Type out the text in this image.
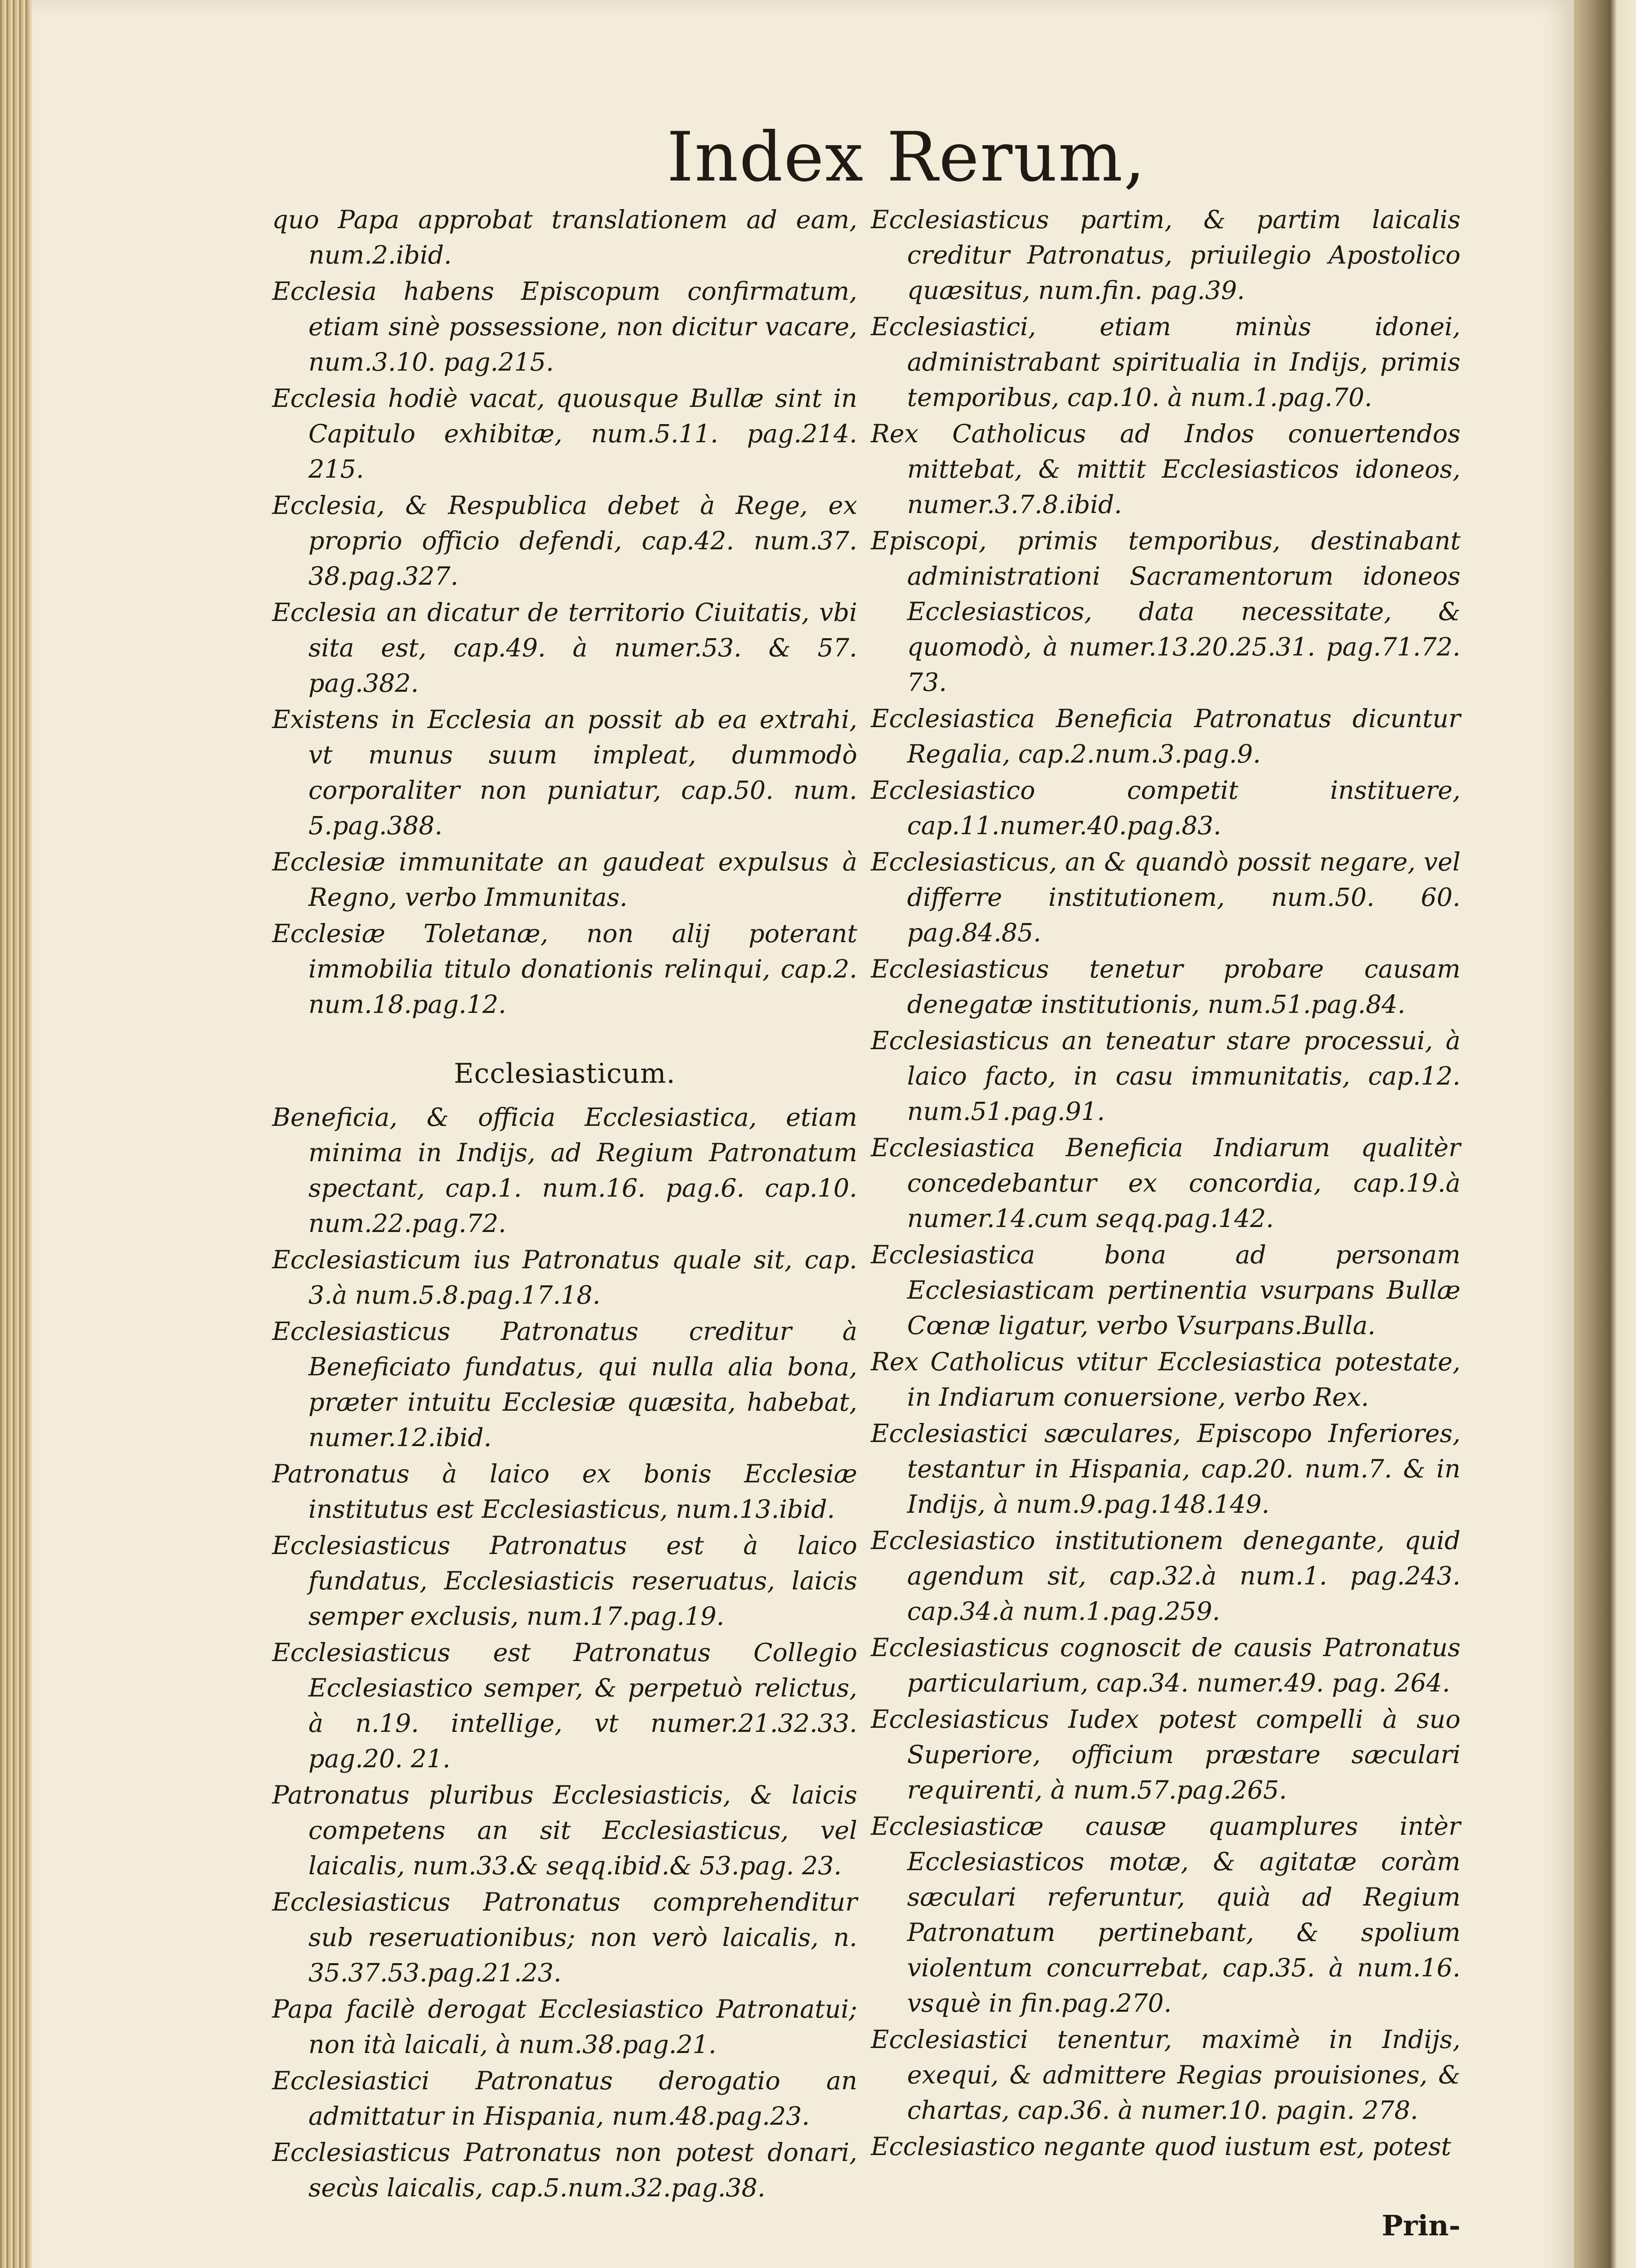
Index Rerum,

quo Papa approbat translationem ad eam, num.2.ibid.

Ecclesia habens Episcopum confirmatum, etiam sinè possessione, non dicitur vacare, num.3.10. pag.215.

Ecclesia hodiè vacat, quousque Bullæ sint in Capitulo exhibitæ, num.5.11. pag.214. 215.

Ecclesia, & Respublica debet à Rege, ex proprio officio defendi, cap.42. num.37. 38.pag.327.

Ecclesia an dicatur de territorio Ciuitatis, vbi sita est, cap.49. à numer.53. & 57. pag.382.

Existens in Ecclesia an possit ab ea extrahi, vt munus suum impleat, dummodò corporaliter non puniatur, cap.50. num. 5.pag.388.

Ecclesiæ immunitate an gaudeat expulsus à Regno, verbo Immunitas.

Ecclesiæ Toletanæ, non alij poterant immobilia titulo donationis relinqui, cap.2. num.18.pag.12.

Ecclesiasticum.

Beneficia, & officia Ecclesiastica, etiam minima in Indijs, ad Regium Patronatum spectant, cap.1. num.16. pag.6. cap.10. num.22.pag.72.

Ecclesiasticum ius Patronatus quale sit, cap. 3.à num.5.8.pag.17.18.

Ecclesiasticus Patronatus creditur à Beneficiato fundatus, qui nulla alia bona, præter intuitu Ecclesiæ quæsita, habebat, numer.12.ibid.

Patronatus à laico ex bonis Ecclesiæ institutus est Ecclesiasticus, num.13.ibid.

Ecclesiasticus Patronatus est à laico fundatus, Ecclesiasticis reseruatus, laicis semper exclusis, num.17.pag.19.

Ecclesiasticus est Patronatus Collegio Ecclesiastico semper, & perpetuò relictus, à n.19. intellige, vt numer.21.32.33. pag.20. 21.

Patronatus pluribus Ecclesiasticis, & laicis competens an sit Ecclesiasticus, vel laicalis, num.33.& seqq.ibid.& 53.pag. 23.

Ecclesiasticus Patronatus comprehenditur sub reseruationibus; non verò laicalis, n. 35.37.53.pag.21.23.

Papa facilè derogat Ecclesiastico Patronatui; non ità laicali, à num.38.pag.21.

Ecclesiastici Patronatus derogatio an admittatur in Hispania, num.48.pag.23.

Ecclesiasticus Patronatus non potest donari, secùs laicalis, cap.5.num.32.pag.38.

Ecclesiasticus partim, & partim laicalis creditur Patronatus, priuilegio Apostolico quæsitus, num.fin. pag.39.

Ecclesiastici, etiam minùs idonei, administrabant spiritualia in Indijs, primis temporibus, cap.10. à num.1.pag.70.

Rex Catholicus ad Indos conuertendos mittebat, & mittit Ecclesiasticos idoneos, numer.3.7.8.ibid.

Episcopi, primis temporibus, destinabant administrationi Sacramentorum idoneos Ecclesiasticos, data necessitate, & quomodò, à numer.13.20.25.31. pag.71.72. 73.

Ecclesiastica Beneficia Patronatus dicuntur Regalia, cap.2.num.3.pag.9.

Ecclesiastico competit instituere, cap.11.numer.40.pag.83.

Ecclesiasticus, an & quandò possit negare, vel differre institutionem, num.50. 60. pag.84.85.

Ecclesiasticus tenetur probare causam denegatæ institutionis, num.51.pag.84.

Ecclesiasticus an teneatur stare processui, à laico facto, in casu immunitatis, cap.12. num.51.pag.91.

Ecclesiastica Beneficia Indiarum qualitèr concedebantur ex concordia, cap.19.à numer.14.cum seqq.pag.142.

Ecclesiastica bona ad personam Ecclesiasticam pertinentia vsurpans Bullæ Cœnæ ligatur, verbo Vsurpans.Bulla.

Rex Catholicus vtitur Ecclesiastica potestate, in Indiarum conuersione, verbo Rex.

Ecclesiastici sæculares, Episcopo Inferiores, testantur in Hispania, cap.20. num.7. & in Indijs, à num.9.pag.148.149.

Ecclesiastico institutionem denegante, quid agendum sit, cap.32.à num.1. pag.243. cap.34.à num.1.pag.259.

Ecclesiasticus cognoscit de causis Patronatus particularium, cap.34. numer.49. pag. 264.

Ecclesiasticus Iudex potest compelli à suo Superiore, officium præstare sæculari requirenti, à num.57.pag.265.

Ecclesiasticæ causæ quamplures intèr Ecclesiasticos motæ, & agitatæ coràm sæculari referuntur, quià ad Regium Patronatum pertinebant, & spolium violentum concurrebat, cap.35. à num.16. vsquè in fin.pag.270.

Ecclesiastici tenentur, maximè in Indijs, exequi, & admittere Regias prouisiones, & chartas, cap.36. à numer.10. pagin. 278.

Ecclesiastico negante quod iustum est, potest

Prin-
